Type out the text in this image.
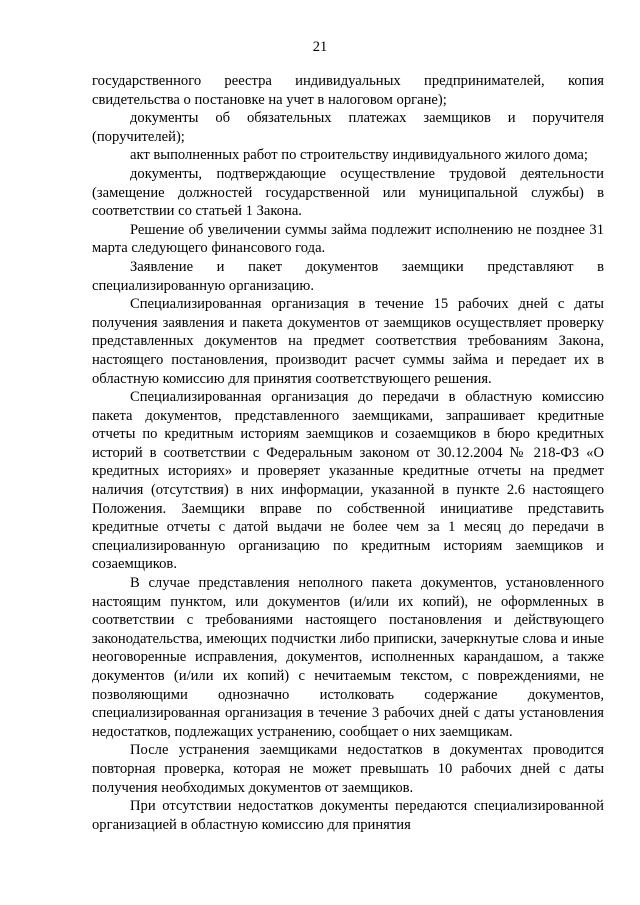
21

государственного реестра индивидуальных предпринимателей, копия свидетельства о постановке на учет в налоговом органе);

документы об обязательных платежах заемщиков и поручителя (поручителей);

акт выполненных работ по строительству индивидуального жилого дома;

документы, подтверждающие осуществление трудовой деятельности (замещение должностей государственной или муниципальной службы) в соответствии со статьей 1 Закона.

Решение об увеличении суммы займа подлежит исполнению не позднее 31 марта следующего финансового года.

Заявление и пакет документов заемщики представляют в специализированную организацию.

Специализированная организация в течение 15 рабочих дней с даты получения заявления и пакета документов от заемщиков осуществляет проверку представленных документов на предмет соответствия требованиям Закона, настоящего постановления, производит расчет суммы займа и передает их в областную комиссию для принятия соответствующего решения.

Специализированная организация до передачи в областную комиссию пакета документов, представленного заемщиками, запрашивает кредитные отчеты по кредитным историям заемщиков и созаемщиков в бюро кредитных историй в соответствии с Федеральным законом от 30.12.2004 № 218-ФЗ «О кредитных историях» и проверяет указанные кредитные отчеты на предмет наличия (отсутствия) в них информации, указанной в пункте 2.6 настоящего Положения. Заемщики вправе по собственной инициативе представить кредитные отчеты с датой выдачи не более чем за 1 месяц до передачи в специализированную организацию по кредитным историям заемщиков и созаемщиков.

В случае представления неполного пакета документов, установленного настоящим пунктом, или документов (и/или их копий), не оформленных в соответствии с требованиями настоящего постановления и действующего законодательства, имеющих подчистки либо приписки, зачеркнутые слова и иные неоговоренные исправления, документов, исполненных карандашом, а также документов (и/или их копий) с нечитаемым текстом, с повреждениями, не позволяющими однозначно истолковать содержание документов, специализированная организация в течение 3 рабочих дней с даты установления недостатков, подлежащих устранению, сообщает о них заемщикам.

После устранения заемщиками недостатков в документах проводится повторная проверка, которая не может превышать 10 рабочих дней с даты получения необходимых документов от заемщиков.

При отсутствии недостатков документы передаются специализированной организацией в областную комиссию для принятия
